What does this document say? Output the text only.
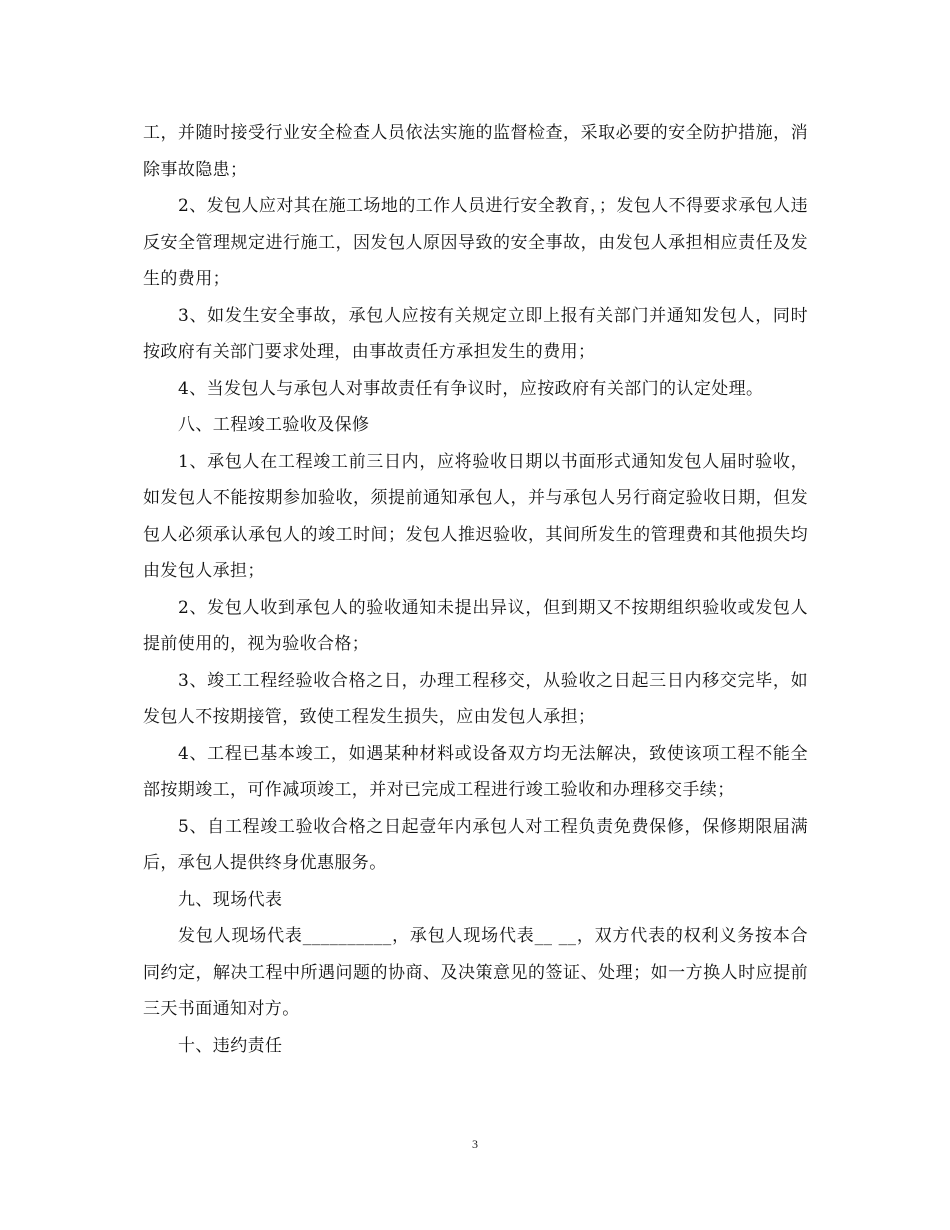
工，并随时接受行业安全检查人员依法实施的监督检查，采取必要的安全防护措施，消除事故隐患；

2、发包人应对其在施工场地的工作人员进行安全教育，；发包人不得要求承包人违反安全管理规定进行施工，因发包人原因导致的安全事故，由发包人承担相应责任及发生的费用；

3、如发生安全事故，承包人应按有关规定立即上报有关部门并通知发包人，同时按政府有关部门要求处理，由事故责任方承担发生的费用；

4、当发包人与承包人对事故责任有争议时，应按政府有关部门的认定处理。

八、工程竣工验收及保修

1、承包人在工程竣工前三日内，应将验收日期以书面形式通知发包人届时验收，如发包人不能按期参加验收，须提前通知承包人，并与承包人另行商定验收日期，但发包人必须承认承包人的竣工时间；发包人推迟验收，其间所发生的管理费和其他损失均由发包人承担；

2、发包人收到承包人的验收通知未提出异议，但到期又不按期组织验收或发包人提前使用的，视为验收合格；

3、竣工工程经验收合格之日，办理工程移交，从验收之日起三日内移交完毕，如发包人不按期接管，致使工程发生损失，应由发包人承担；

4、工程已基本竣工，如遇某种材料或设备双方均无法解决，致使该项工程不能全部按期竣工，可作减项竣工，并对已完成工程进行竣工验收和办理移交手续；

5、自工程竣工验收合格之日起壹年内承包人对工程负责免费保修，保修期限届满后，承包人提供终身优惠服务。

九、现场代表

发包人现场代表__________，承包人现场代表__ __，双方代表的权利义务按本合同约定，解决工程中所遇问题的协商、及决策意见的签证、处理；如一方换人时应提前三天书面通知对方。

十、违约责任

3
